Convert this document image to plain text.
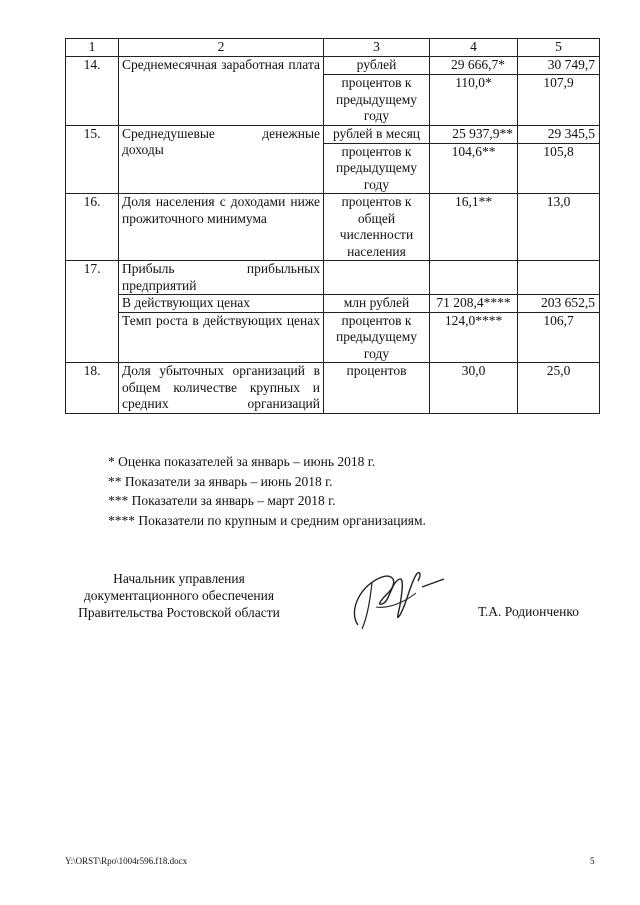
1	2	3	4	5
14.	Среднемесячная заработная плата	рублей	29 666,7*	30 749,7
		процентов к предыдущему году	110,0*	107,9
15.	Среднедушевые денежные доходы	рублей в месяц	25 937,9**	29 345,5
		процентов к предыдущему году	104,6**	105,8
16.	Доля населения с доходами ниже прожиточного минимума	процентов к общей численности населения	16,1**	13,0
17.	Прибыль прибыльных предприятий			
	В действующих ценах	млн рублей	71 208,4****	203 652,5
	Темп роста в действующих ценах	процентов к предыдущему году	124,0****	106,7
18.	Доля убыточных организаций в общем количестве крупных и средних организаций	процентов	30,0	25,0
* Оценка показателей за январь – июнь 2018 г.
** Показатели за январь – июнь 2018 г.
*** Показатели за январь – март 2018 г.
**** Показатели по крупным и средним организациям.
Начальник управления
документационного обеспечения
Правительства Ростовской области	Т.А. Родионченко
Y:\ORST\Rpo\1004r596.f18.docx	5
